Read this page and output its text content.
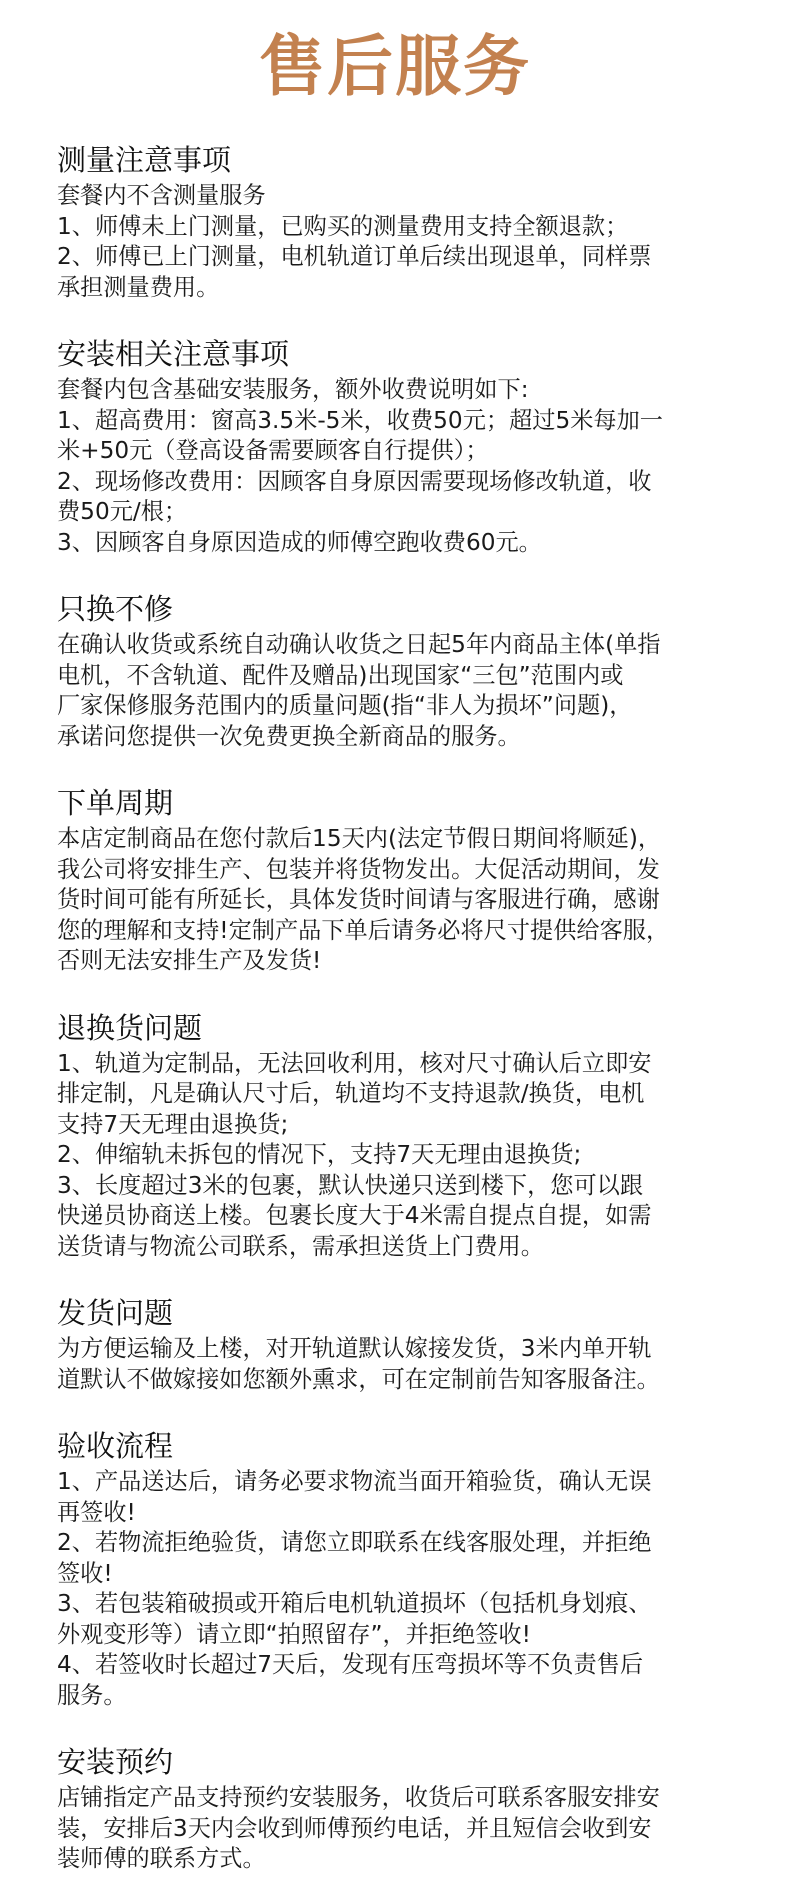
售后服务
测量注意事项

套餐内不含测量服务

1、师傅未上门测量，已购买的测量费用支持全额退款；

2、师傅已上门测量，电机轨道订单后续出现退单，同样票

承担测量费用。

安装相关注意事项

套餐内包含基础安装服务，额外收费说明如下:

1、超高费用：窗高3.5米-5米，收费50元；超过5米每加一

米+50元（登高设备需要顾客自行提供）；

2、现场修改费用：因顾客自身原因需要现场修改轨道，收

费50元/根；

3、因顾客自身原因造成的师傅空跑收费60元。

只换不修

在确认收货或系统自动确认收货之日起5年内商品主体(单指

电机，不含轨道、配件及赠品)出现国家“三包”范围内或

厂家保修服务范围内的质量问题(指“非人为损坏”问题)，

承诺问您提供一次免费更换全新商品的服务。

下单周期

本店定制商品在您付款后15天内(法定节假日期间将顺延)，

我公司将安排生产、包装并将货物发出。大促活动期间，发

货时间可能有所延长，具体发货时间请与客服进行确，感谢

您的理解和支持!定制产品下单后请务必将尺寸提供给客服，

否则无法安排生产及发货!

退换货问题

1、轨道为定制品，无法回收利用，核对尺寸确认后立即安

排定制，凡是确认尺寸后，轨道均不支持退款/换货，电机

支持7天无理由退换货;

2、伸缩轨未拆包的情况下，支持7天无理由退换货;

3、长度超过3米的包裹，默认快递只送到楼下，您可以跟

快递员协商送上楼。包裹长度大于4米需自提点自提，如需

送货请与物流公司联系，需承担送货上门费用。

发货问题

为方便运输及上楼，对开轨道默认嫁接发货，3米内单开轨

道默认不做嫁接如您额外熏求，可在定制前告知客服备注。

验收流程

1、产品送达后，请务必要求物流当面开箱验货，确认无误

再签收!

2、若物流拒绝验货，请您立即联系在线客服处理，并拒绝

签收!

3、若包装箱破损或开箱后电机轨道损坏（包括机身划痕、

外观变形等）请立即“拍照留存”，并拒绝签收!

4、若签收时长超过7天后，发现有压弯损坏等不负责售后

服务。

安装预约

店铺指定产品支持预约安装服务，收货后可联系客服安排安

装，安排后3天内会收到师傅预约电话，并且短信会收到安

装师傅的联系方式。
